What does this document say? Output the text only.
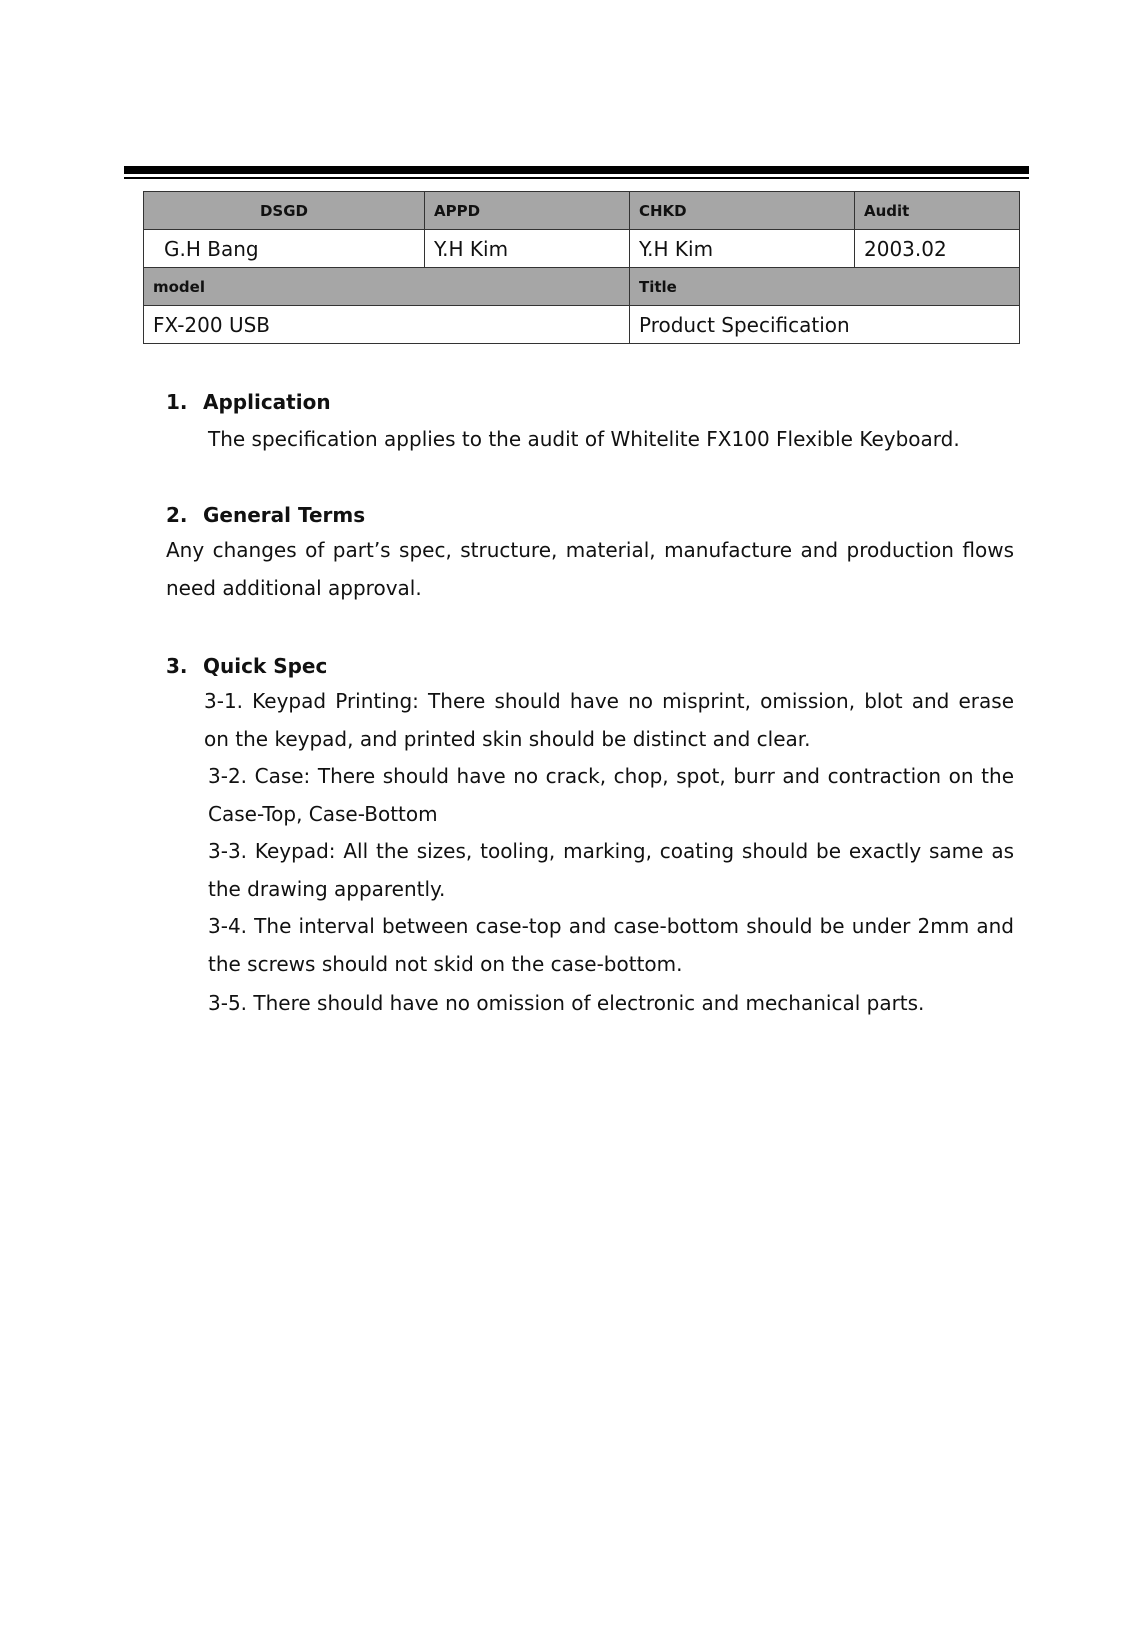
DSGD	APPD	CHKD	Audit
G.H Bang	Y.H Kim	Y.H Kim	2003.02
model		Title	
FX-200 USB		Product Specification	
1. Application
The specification applies to the audit of Whitelite FX100 Flexible Keyboard.
2. General Terms
Any changes of part’s spec, structure, material, manufacture and production flows need additional approval.
3. Quick Spec
3-1. Keypad Printing: There should have no misprint, omission, blot and erase on the keypad, and printed skin should be distinct and clear.
3-2. Case: There should have no crack, chop, spot, burr and contraction on the Case-Top, Case-Bottom
3-3. Keypad: All the sizes, tooling, marking, coating should be exactly same as the drawing apparently.
3-4. The interval between case-top and case-bottom should be under 2mm and the screws should not skid on the case-bottom.
3-5. There should have no omission of electronic and mechanical parts.
